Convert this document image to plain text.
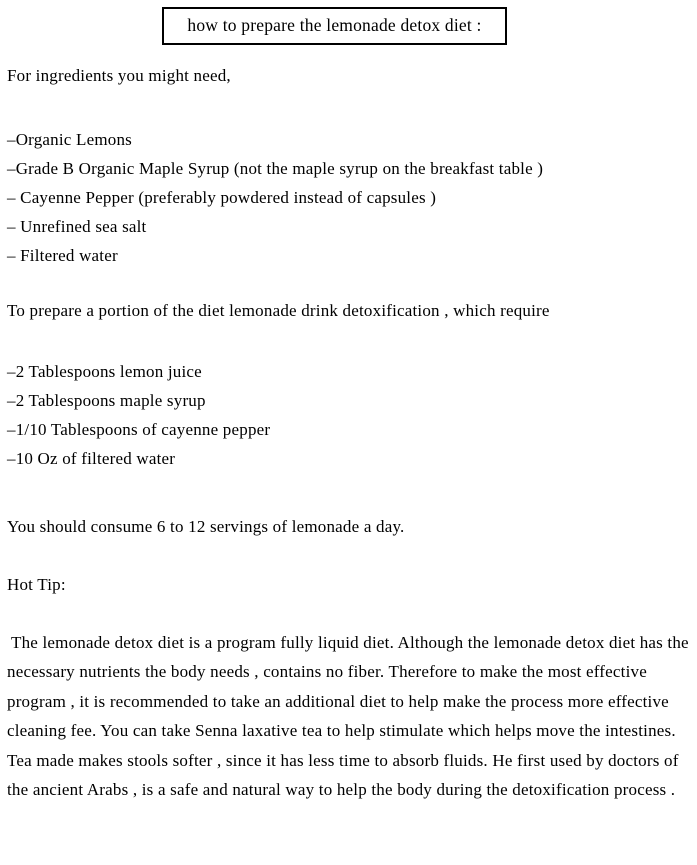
how to prepare the lemonade detox diet :

For ingredients you might need,

–Organic Lemons
–Grade B Organic Maple Syrup (not the maple syrup on the breakfast table )
– Cayenne Pepper (preferably powdered instead of capsules )
– Unrefined sea salt
– Filtered water

To prepare a portion of the diet lemonade drink detoxification , which require

–2 Tablespoons lemon juice
–2 Tablespoons maple syrup
–1/10 Tablespoons of cayenne pepper
–10 Oz of filtered water

You should consume 6 to 12 servings of lemonade a day.

Hot Tip:

The lemonade detox diet is a program fully liquid diet. Although the lemonade detox diet has the necessary nutrients the body needs , contains no fiber. Therefore to make the most effective program , it is recommended to take an additional diet to help make the process more effective cleaning fee. You can take Senna laxative tea to help stimulate which helps move the intestines. Tea made makes stools softer , since it has less time to absorb fluids. He first used by doctors of the ancient Arabs , is a safe and natural way to help the body during the detoxification process .
